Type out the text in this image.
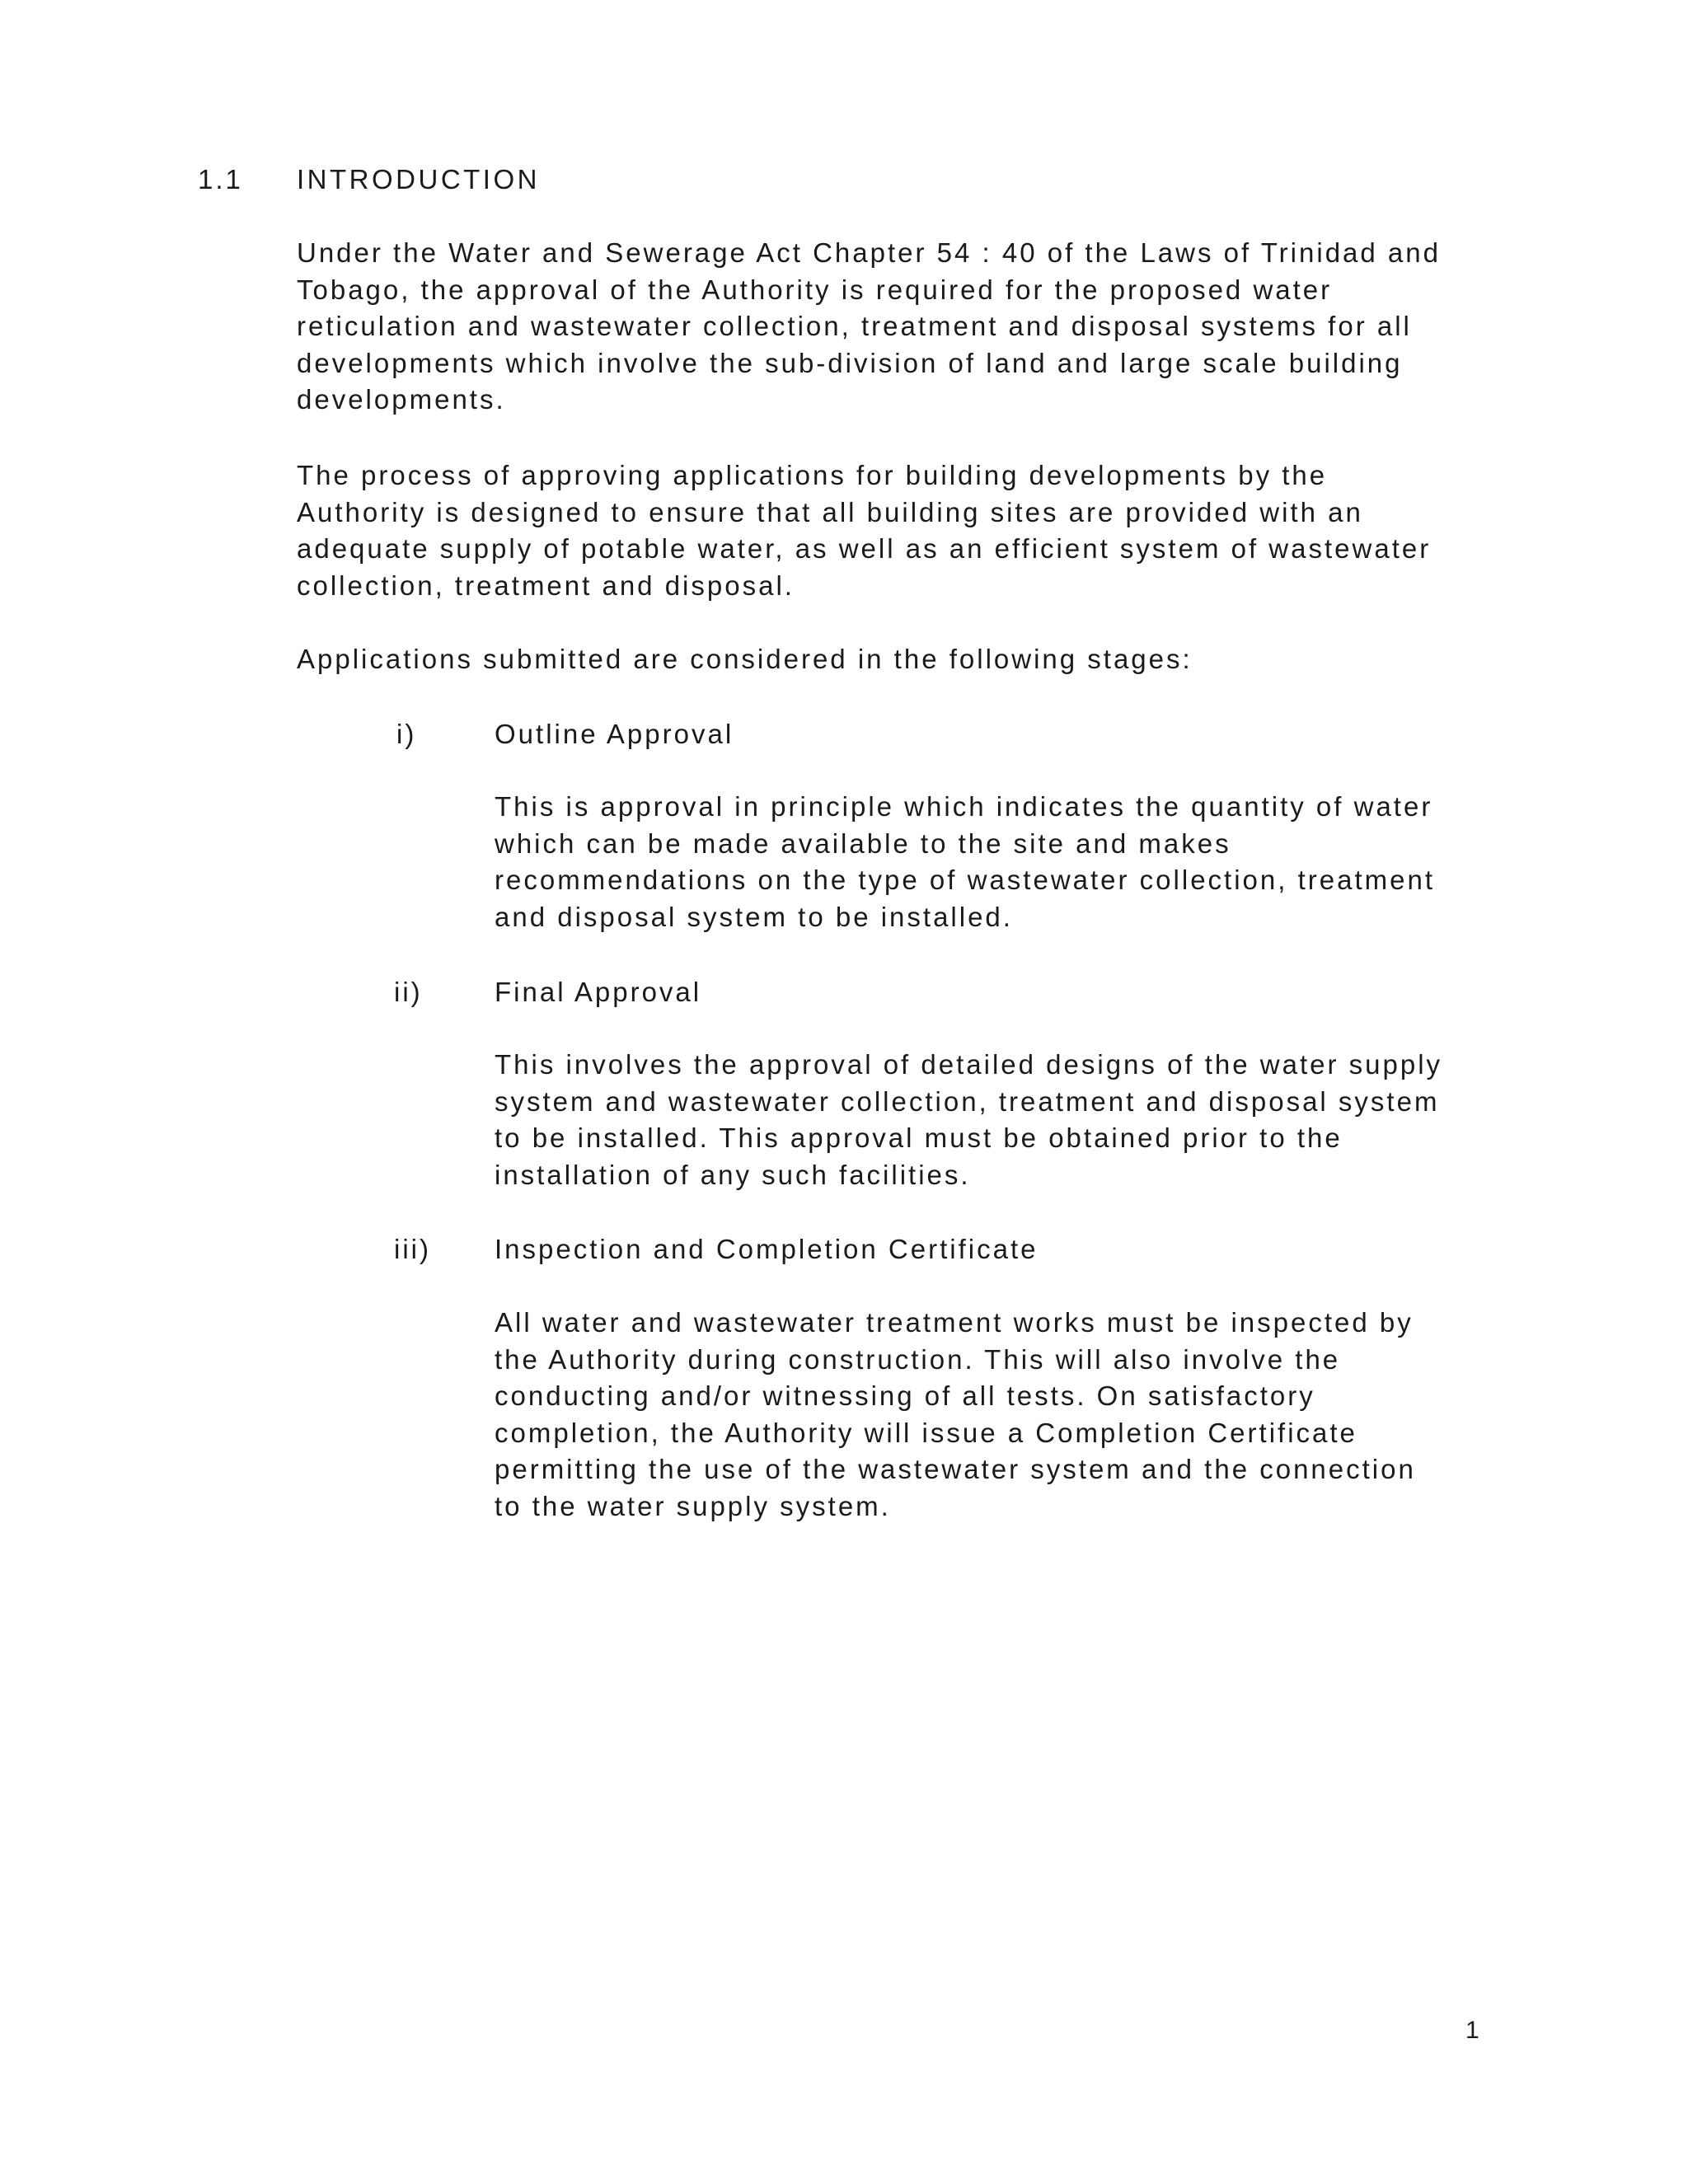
1.1 INTRODUCTION
Under the Water and Sewerage Act Chapter 54 : 40 of the Laws of Trinidad and
Tobago, the approval of the Authority is required for the proposed water
reticulation and wastewater collection, treatment and disposal systems for all
developments which involve the sub-division of land and large scale building
developments.
The process of approving applications for building developments by the
Authority is designed to ensure that all building sites are provided with an
adequate supply of potable water, as well as an efficient system of wastewater
collection, treatment and disposal.
Applications submitted are considered in the following stages:
i)	Outline Approval
This is approval in principle which indicates the quantity of water
which can be made available to the site and makes
recommendations on the type of wastewater collection, treatment
and disposal system to be installed.
ii)	Final Approval
This involves the approval of detailed designs of the water supply
system and wastewater collection, treatment and disposal system
to be installed. This approval must be obtained prior to the
installation of any such facilities.
iii) Inspection and Completion Certificate
All water and wastewater treatment works must be inspected by
the Authority during construction. This will also involve the
conducting and/or witnessing of all tests. On satisfactory
completion, the Authority will issue a Completion Certificate
permitting the use of the wastewater system and the connection
to the water supply system.
1
